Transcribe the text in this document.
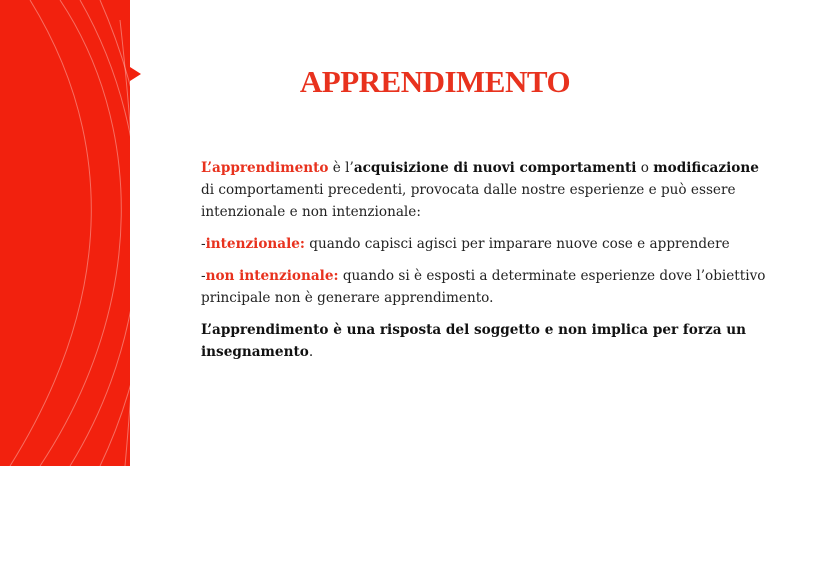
APPRENDIMENTO

L’apprendimento è l’acquisizione di nuovi comportamenti o modificazione di comportamenti precedenti, provocata dalle nostre esperienze e può essere intenzionale e non intenzionale:

-intenzionale: quando capisci agisci per imparare nuove cose e apprendere

-non intenzionale: quando si è esposti a determinate esperienze dove l’obiettivo principale non è generare apprendimento.

L’apprendimento è una risposta del soggetto e non implica per forza un insegnamento.
